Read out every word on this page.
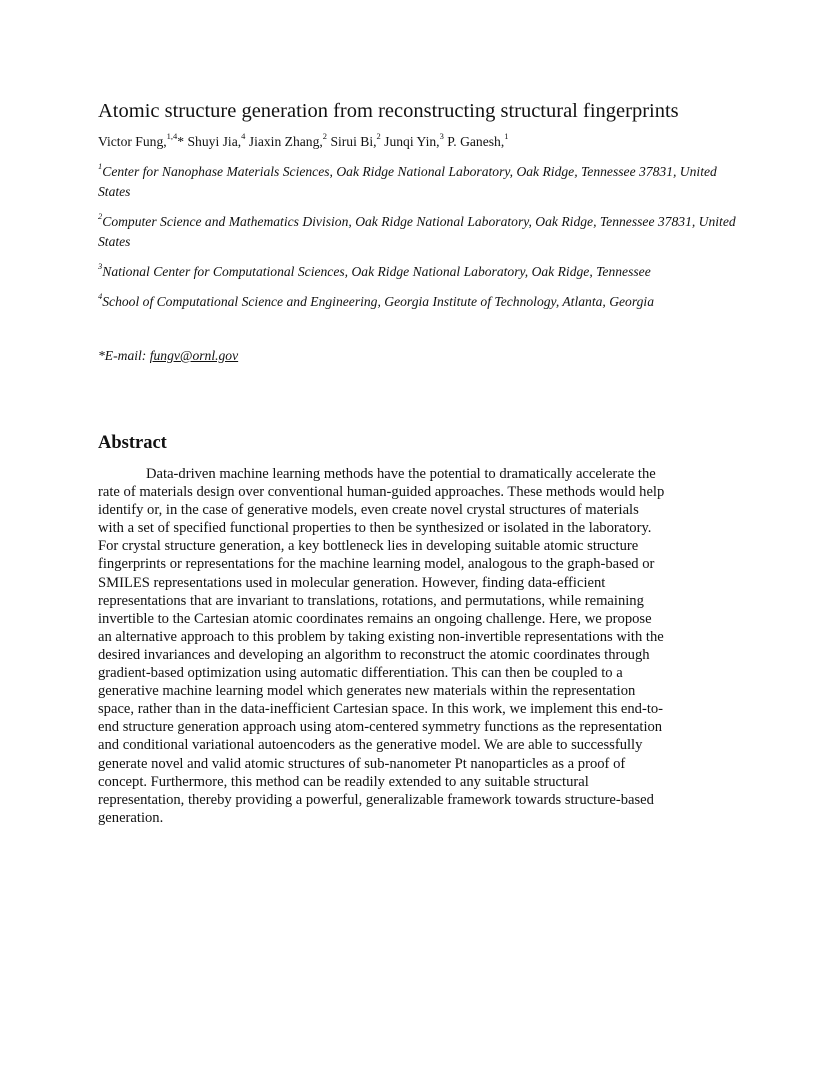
Atomic structure generation from reconstructing structural fingerprints
Victor Fung,$^{1,4}$* Shuyi Jia,$^4$ Jiaxin Zhang,$^2$ Sirui Bi,$^2$ Junqi Yin,$^3$ P. Ganesh,$^1$
$^1$Center for Nanophase Materials Sciences, Oak Ridge National Laboratory, Oak Ridge, Tennessee 37831, United States
$^2$Computer Science and Mathematics Division, Oak Ridge National Laboratory, Oak Ridge, Tennessee 37831, United States
$^3$National Center for Computational Sciences, Oak Ridge National Laboratory, Oak Ridge, Tennessee
$^4$School of Computational Science and Engineering, Georgia Institute of Technology, Atlanta, Georgia
*E-mail: fungv@ornl.gov
Abstract
Data-driven machine learning methods have the potential to dramatically accelerate the
rate of materials design over conventional human-guided approaches. These methods would help
identify or, in the case of generative models, even create novel crystal structures of materials
with a set of specified functional properties to then be synthesized or isolated in the laboratory.
For crystal structure generation, a key bottleneck lies in developing suitable atomic structure
fingerprints or representations for the machine learning model, analogous to the graph-based or
SMILES representations used in molecular generation. However, finding data-efficient
representations that are invariant to translations, rotations, and permutations, while remaining
invertible to the Cartesian atomic coordinates remains an ongoing challenge. Here, we propose
an alternative approach to this problem by taking existing non-invertible representations with the
desired invariances and developing an algorithm to reconstruct the atomic coordinates through
gradient-based optimization using automatic differentiation. This can then be coupled to a
generative machine learning model which generates new materials within the representation
space, rather than in the data-inefficient Cartesian space. In this work, we implement this end-to-
end structure generation approach using atom-centered symmetry functions as the representation
and conditional variational autoencoders as the generative model. We are able to successfully
generate novel and valid atomic structures of sub-nanometer Pt nanoparticles as a proof of
concept. Furthermore, this method can be readily extended to any suitable structural
representation, thereby providing a powerful, generalizable framework towards structure-based
generation.
